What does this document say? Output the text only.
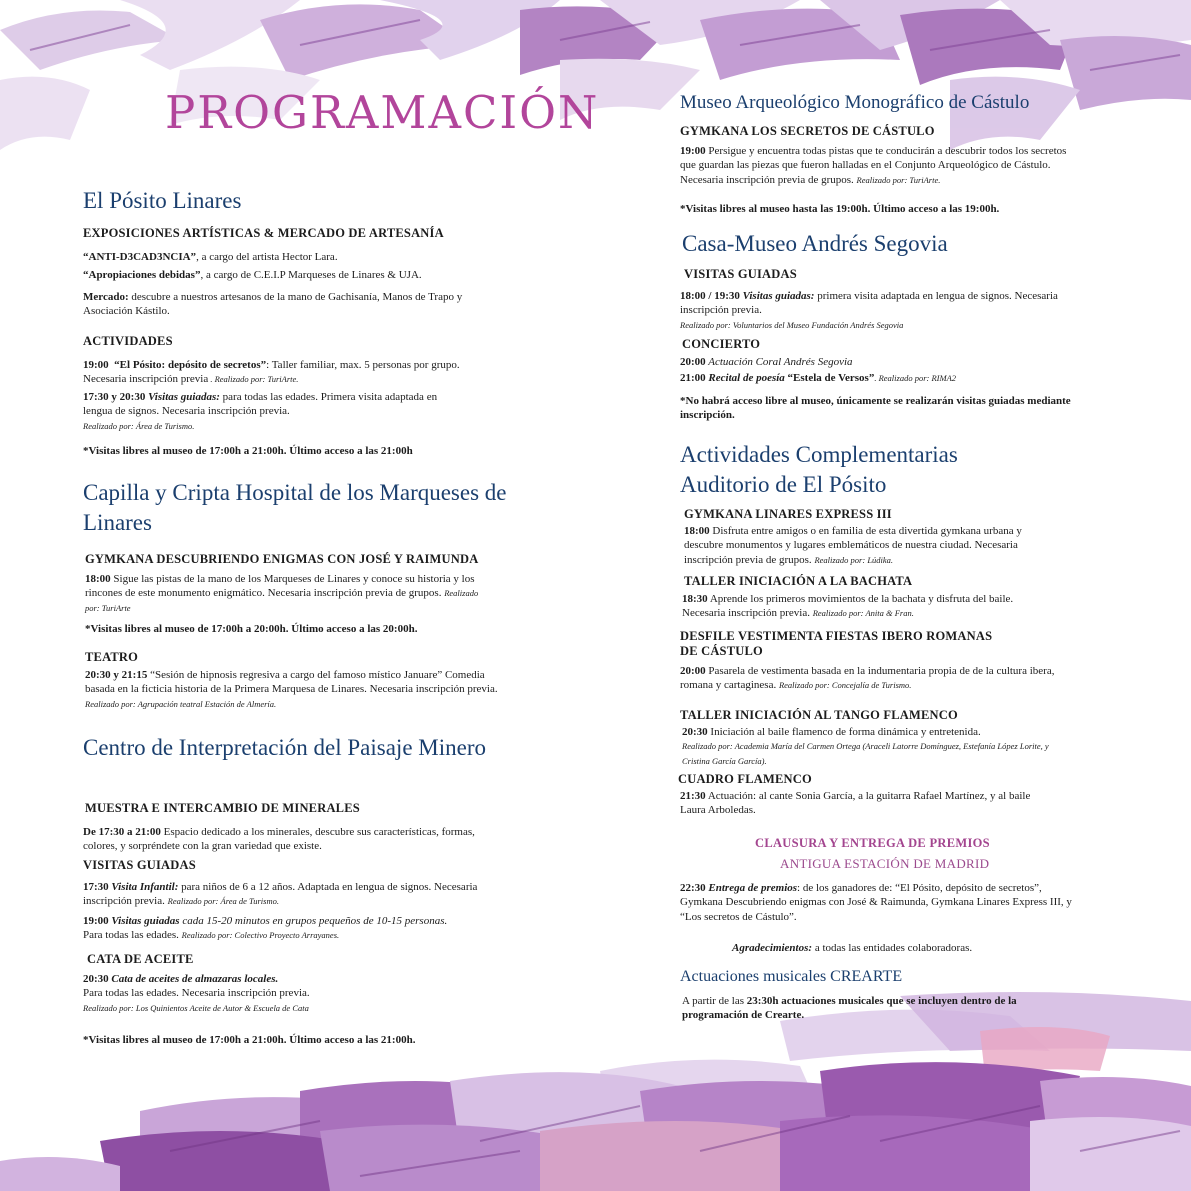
PROGRAMACIÓN
El Pósito Linares

EXPOSICIONES ARTÍSTICAS & MERCADO DE ARTESANÍA

“ANTI-D3CAD3NCIA”, a cargo del artista Hector Lara.

“Apropiaciones debidas”, a cargo de C.E.I.P Marqueses de Linares & UJA.

Mercado: descubre a nuestros artesanos de la mano de Gachisanía, Manos de Trapo y Asociación Kástilo.

ACTIVIDADES

19:00 “El Pósito: depósito de secretos”: Taller familiar, max. 5 personas por grupo. Necesaria inscripción previa . Realizado por: TuriArte.

17:30 y 20:30 Visitas guiadas: para todas las edades. Primera visita adaptada en lengua de signos. Necesaria inscripción previa.
Realizado por: Área de Turismo.

*Visitas libres al museo de 17:00h a 21:00h. Último acceso a las 21:00h

Capilla y Cripta Hospital de los Marqueses de Linares

GYMKANA DESCUBRIENDO ENIGMAS CON JOSÉ Y RAIMUNDA

18:00 Sigue las pistas de la mano de los Marqueses de Linares y conoce su historia y los rincones de este monumento enigmático. Necesaria inscripción previa de grupos. Realizado por: TuriArte

*Visitas libres al museo de 17:00h a 20:00h. Último acceso a las 20:00h.

TEATRO

20:30 y 21:15 “Sesión de hipnosis regresiva a cargo del famoso místico Januare” Comedia basada en la ficticia historia de la Primera Marquesa de Linares. Necesaria inscripción previa. Realizado por: Agrupación teatral Estación de Almería.

Centro de Interpretación del Paisaje Minero

MUESTRA E INTERCAMBIO DE MINERALES

De 17:30 a 21:00 Espacio dedicado a los minerales, descubre sus características, formas, colores, y sorpréndete con la gran variedad que existe.

VISITAS GUIADAS

17:30 Visita Infantil: para niños de 6 a 12 años. Adaptada en lengua de signos. Necesaria inscripción previa. Realizado por: Área de Turismo.

19:00 Visitas guiadas cada 15-20 minutos en grupos pequeños de 10-15 personas.
Para todas las edades. Realizado por: Colectivo Proyecto Arrayanes.

CATA DE ACEITE

20:30 Cata de aceites de almazaras locales.
Para todas las edades. Necesaria inscripción previa.
Realizado por: Los Quinientos Aceite de Autor & Escuela de Cata

*Visitas libres al museo de 17:00h a 21:00h. Último acceso a las 21:00h.

Museo Arqueológico Monográfico de Cástulo

GYMKANA LOS SECRETOS DE CÁSTULO

19:00 Persigue y encuentra todas pistas que te conducirán a descubrir todos los secretos que guardan las piezas que fueron halladas en el Conjunto Arqueológico de Cástulo. Necesaria inscripción previa de grupos. Realizado por: TuriArte.

*Visitas libres al museo hasta las 19:00h. Último acceso a las 19:00h.

Casa-Museo Andrés Segovia

VISITAS GUIADAS

18:00 / 19:30 Visitas guiadas: primera visita adaptada en lengua de signos. Necesaria inscripción previa.
Realizado por: Voluntarios del Museo Fundación Andrés Segovia

CONCIERTO

20:00 Actuación Coral Andrés Segovia

21:00 Recital de poesía “Estela de Versos”. Realizado por: RIMA2

*No habrá acceso libre al museo, únicamente se realizarán visitas guiadas mediante inscripción.

Actividades Complementarias
Auditorio de El Pósito

GYMKANA LINARES EXPRESS III

18:00 Disfruta entre amigos o en familia de esta divertida gymkana urbana y descubre monumentos y lugares emblemáticos de nuestra ciudad. Necesaria inscripción previa de grupos. Realizado por: Lúdika.

TALLER INICIACIÓN A LA BACHATA

18:30 Aprende los primeros movimientos de la bachata y disfruta del baile. Necesaria inscripción previa. Realizado por: Anita & Fran.

DESFILE VESTIMENTA FIESTAS IBERO ROMANAS DE CÁSTULO

20:00 Pasarela de vestimenta basada en la indumentaria propia de de la cultura ibera, romana y cartaginesa. Realizado por: Concejalía de Turismo.

TALLER INICIACIÓN AL TANGO FLAMENCO

20:30 Iniciación al baile flamenco de forma dinámica y entretenida.
Realizado por: Academia María del Carmen Ortega (Araceli Latorre Domínguez, Estefanía López Lorite, y Cristina García García).

CUADRO FLAMENCO

21:30 Actuación: al cante Sonia García, a la guitarra Rafael Martínez, y al baile Laura Arboledas.

CLAUSURA Y ENTREGA DE PREMIOS

ANTIGUA ESTACIÓN DE MADRID

22:30 Entrega de premios: de los ganadores de: “El Pósito, depósito de secretos”, Gymkana Descubriendo enigmas con José & Raimunda, Gymkana Linares Express III, y “Los secretos de Cástulo”.

Agradecimientos: a todas las entidades colaboradoras.

Actuaciones musicales CREARTE

A partir de las 23:30h actuaciones musicales que se incluyen dentro de la programación de Crearte.
